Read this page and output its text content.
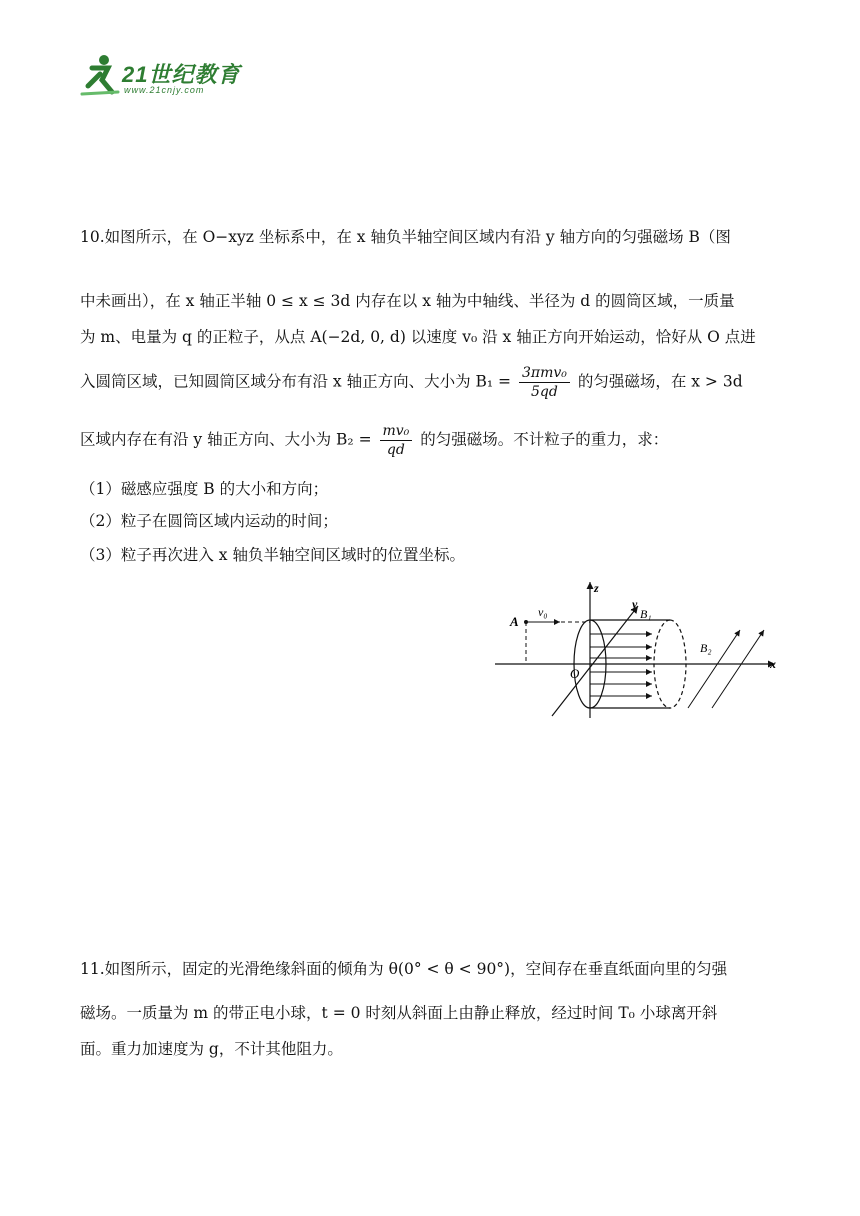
21世纪教育
www.21cnjy.com
10.如图所示，在 O−xyz 坐标系中，在 x 轴负半轴空间区域内有沿 y 轴方向的匀强磁场 B（图
中未画出），在 x 轴正半轴 0 ≤ x ≤ 3d 内存在以 x 轴为中轴线、半径为 d 的圆筒区域，一质量
为 m、电量为 q 的正粒子，从点 A(−2d, 0, d) 以速度 v₀ 沿 x 轴正方向开始运动，恰好从 O 点进
入圆筒区域，已知圆筒区域分布有沿 x 轴正方向、大小为 $B_1 = \frac{\text{3πmv₀}}{5qd}$ 的匀强磁场，在 x > 3d
区域内存在有沿 y 轴正方向、大小为 $B_2 = \frac{\text{mv₀}}{qd}$ 的匀强磁场。不计粒子的重力，求：
（1）磁感应强度 B 的大小和方向；
（2）粒子在圆筒区域内运动的时间；
（3）粒子再次进入 x 轴负半轴空间区域时的位置坐标。
A
v₀
z
y
B₁
B₂
x
O
11.如图所示，固定的光滑绝缘斜面的倾角为 θ(0° < θ < 90°)，空间存在垂直纸面向里的匀强
磁场。一质量为 m 的带正电小球，t = 0 时刻从斜面上由静止释放，经过时间 T₀ 小球离开斜
面。重力加速度为 g，不计其他阻力。
